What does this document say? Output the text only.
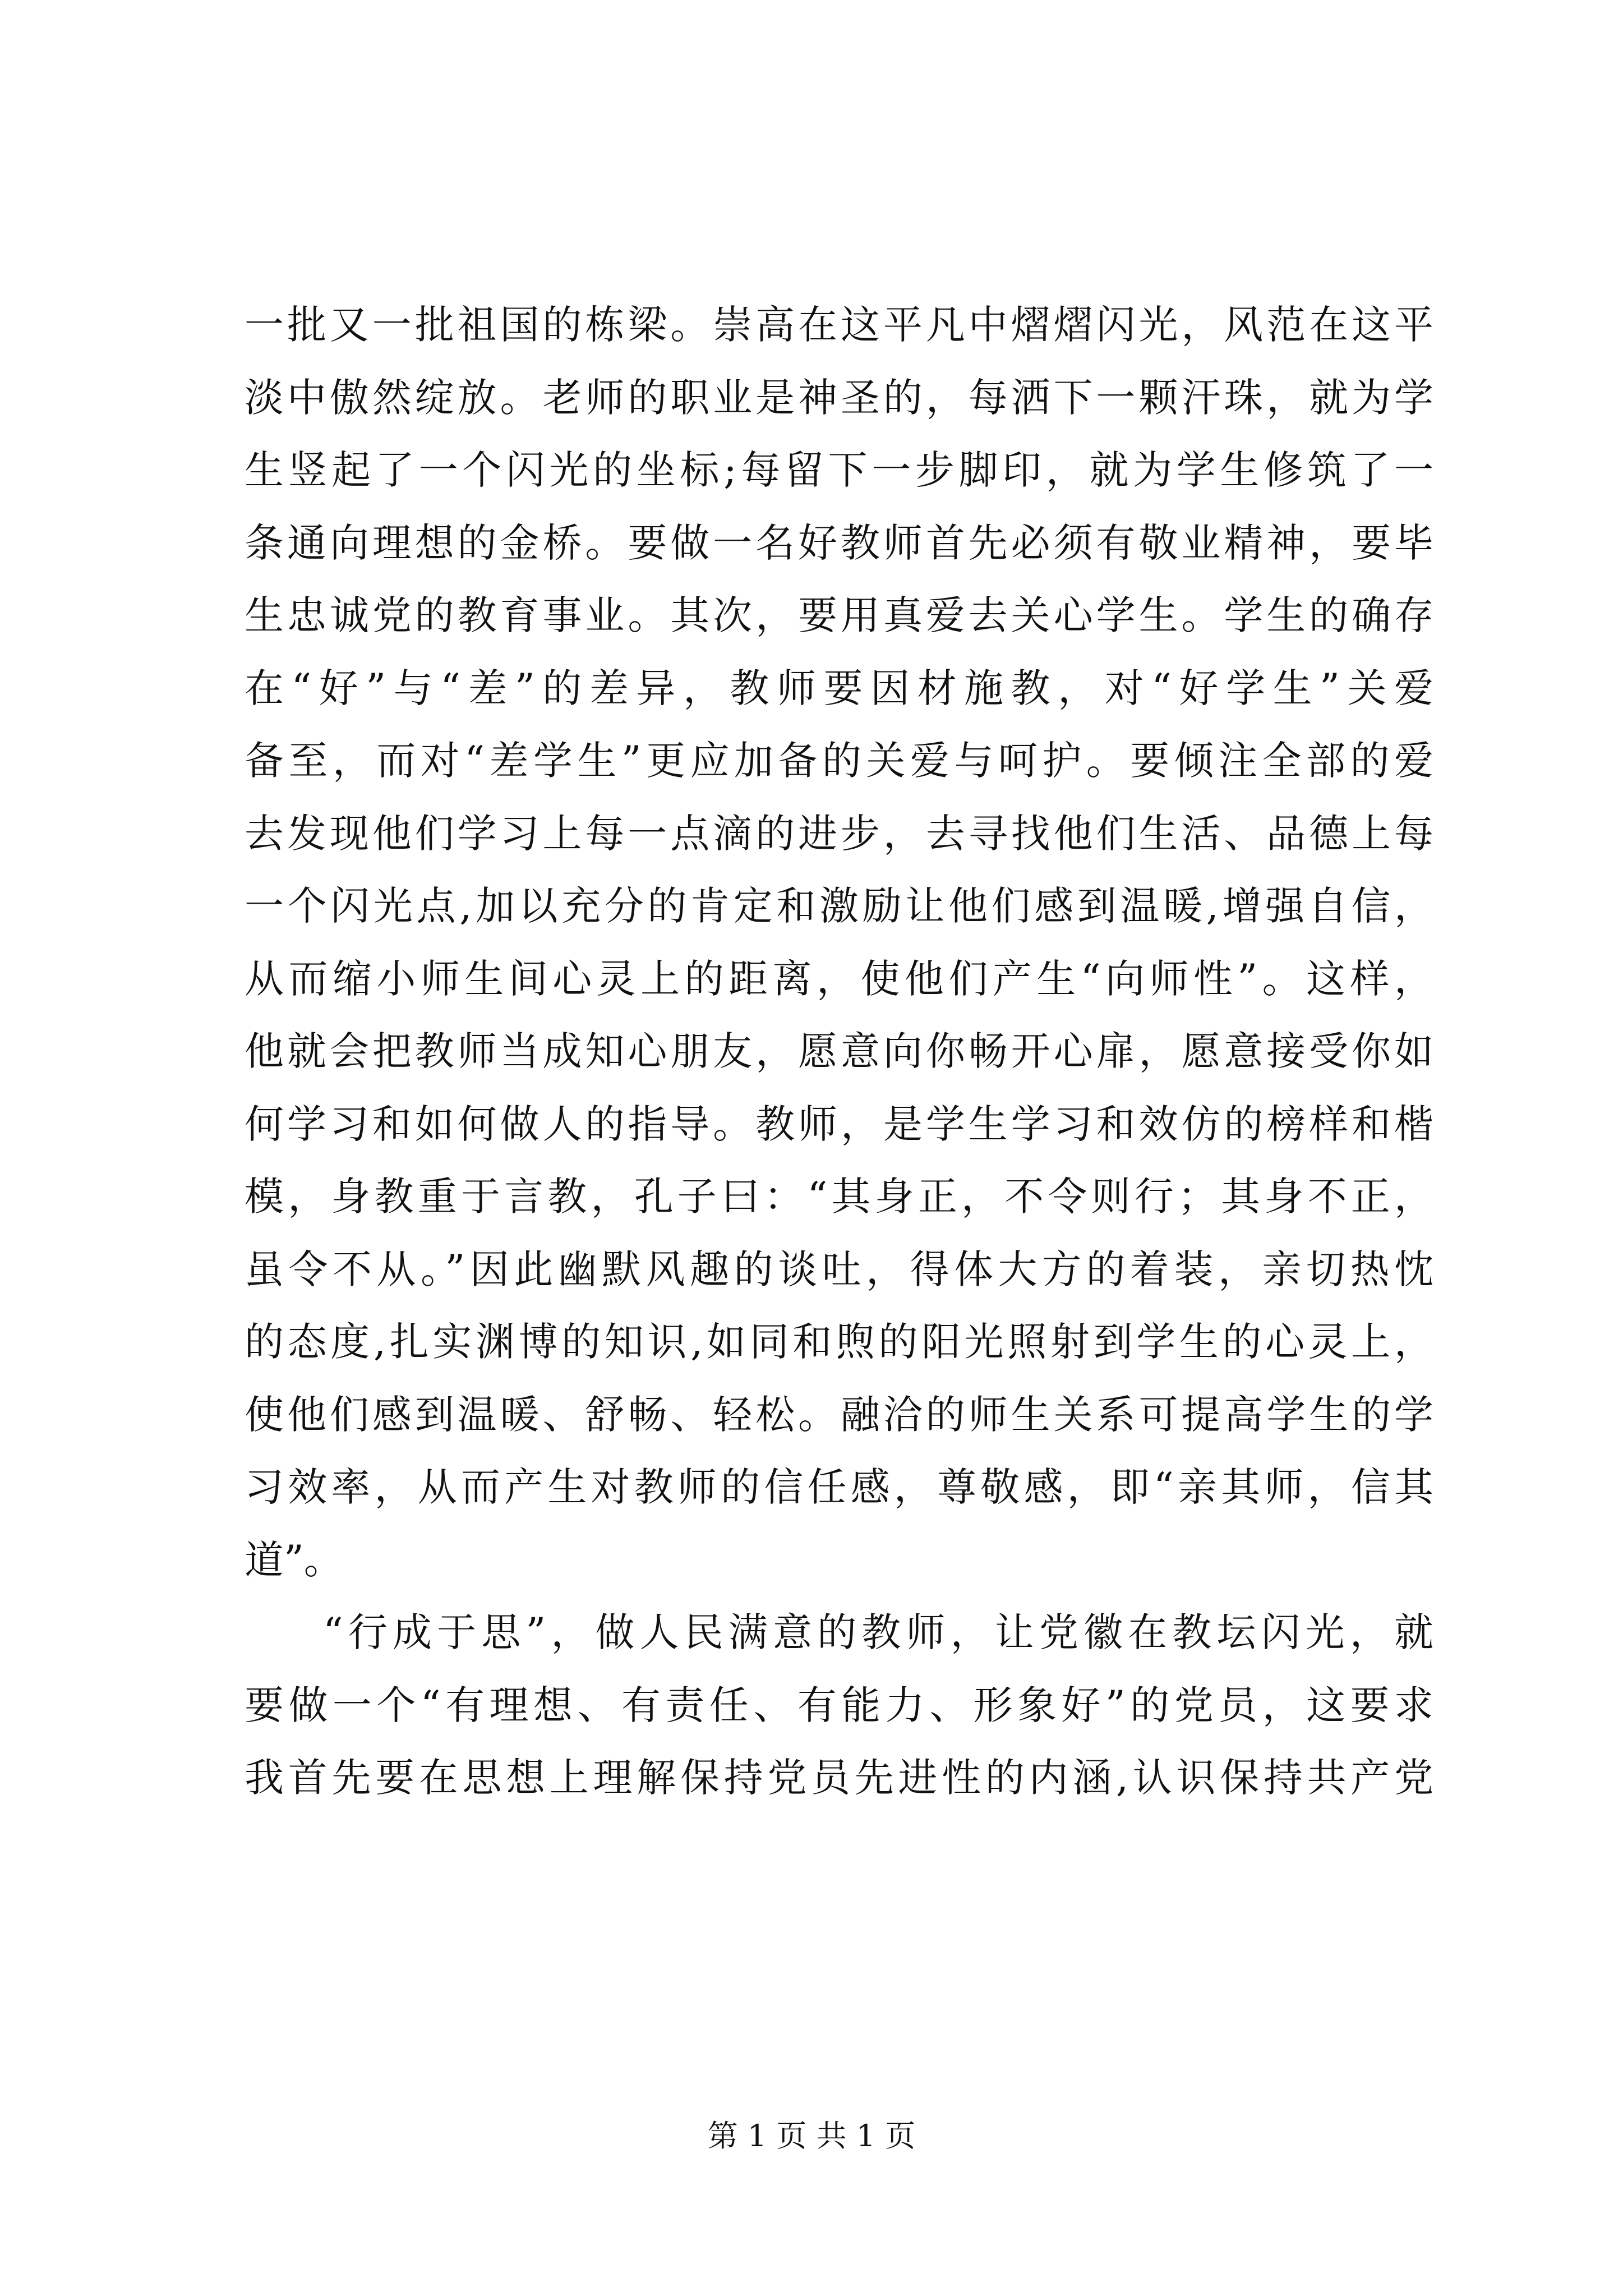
一批又一批祖国的栋梁。崇高在这平凡中熠熠闪光，风范在这平
淡中傲然绽放。老师的职业是神圣的，每洒下一颗汗珠，就为学
生竖起了一个闪光的坐标;每留下一步脚印，就为学生修筑了一
条通向理想的金桥。要做一名好教师首先必须有敬业精神，要毕
生忠诚党的教育事业。其次，要用真爱去关心学生。学生的确存
在“好”与“差”的差异，教师要因材施教，对“好学生”关爱
备至，而对“差学生”更应加备的关爱与呵护。要倾注全部的爱
去发现他们学习上每一点滴的进步，去寻找他们生活、品德上每
一个闪光点,加以充分的肯定和激励让他们感到温暖,增强自信，
从而缩小师生间心灵上的距离，使他们产生“向师性”。这样，
他就会把教师当成知心朋友，愿意向你畅开心扉，愿意接受你如
何学习和如何做人的指导。教师，是学生学习和效仿的榜样和楷
模，身教重于言教，孔子曰：“其身正，不令则行；其身不正，
虽令不从。”因此幽默风趣的谈吐，得体大方的着装，亲切热忱
的态度,扎实渊博的知识,如同和煦的阳光照射到学生的心灵上，
使他们感到温暖、舒畅、轻松。融洽的师生关系可提高学生的学
习效率，从而产生对教师的信任感，尊敬感，即“亲其师，信其
道”。
“行成于思”，做人民满意的教师，让党徽在教坛闪光，就
要做一个“有理想、有责任、有能力、形象好”的党员，这要求
我首先要在思想上理解保持党员先进性的内涵,认识保持共产党
第 1 页 共 1 页
